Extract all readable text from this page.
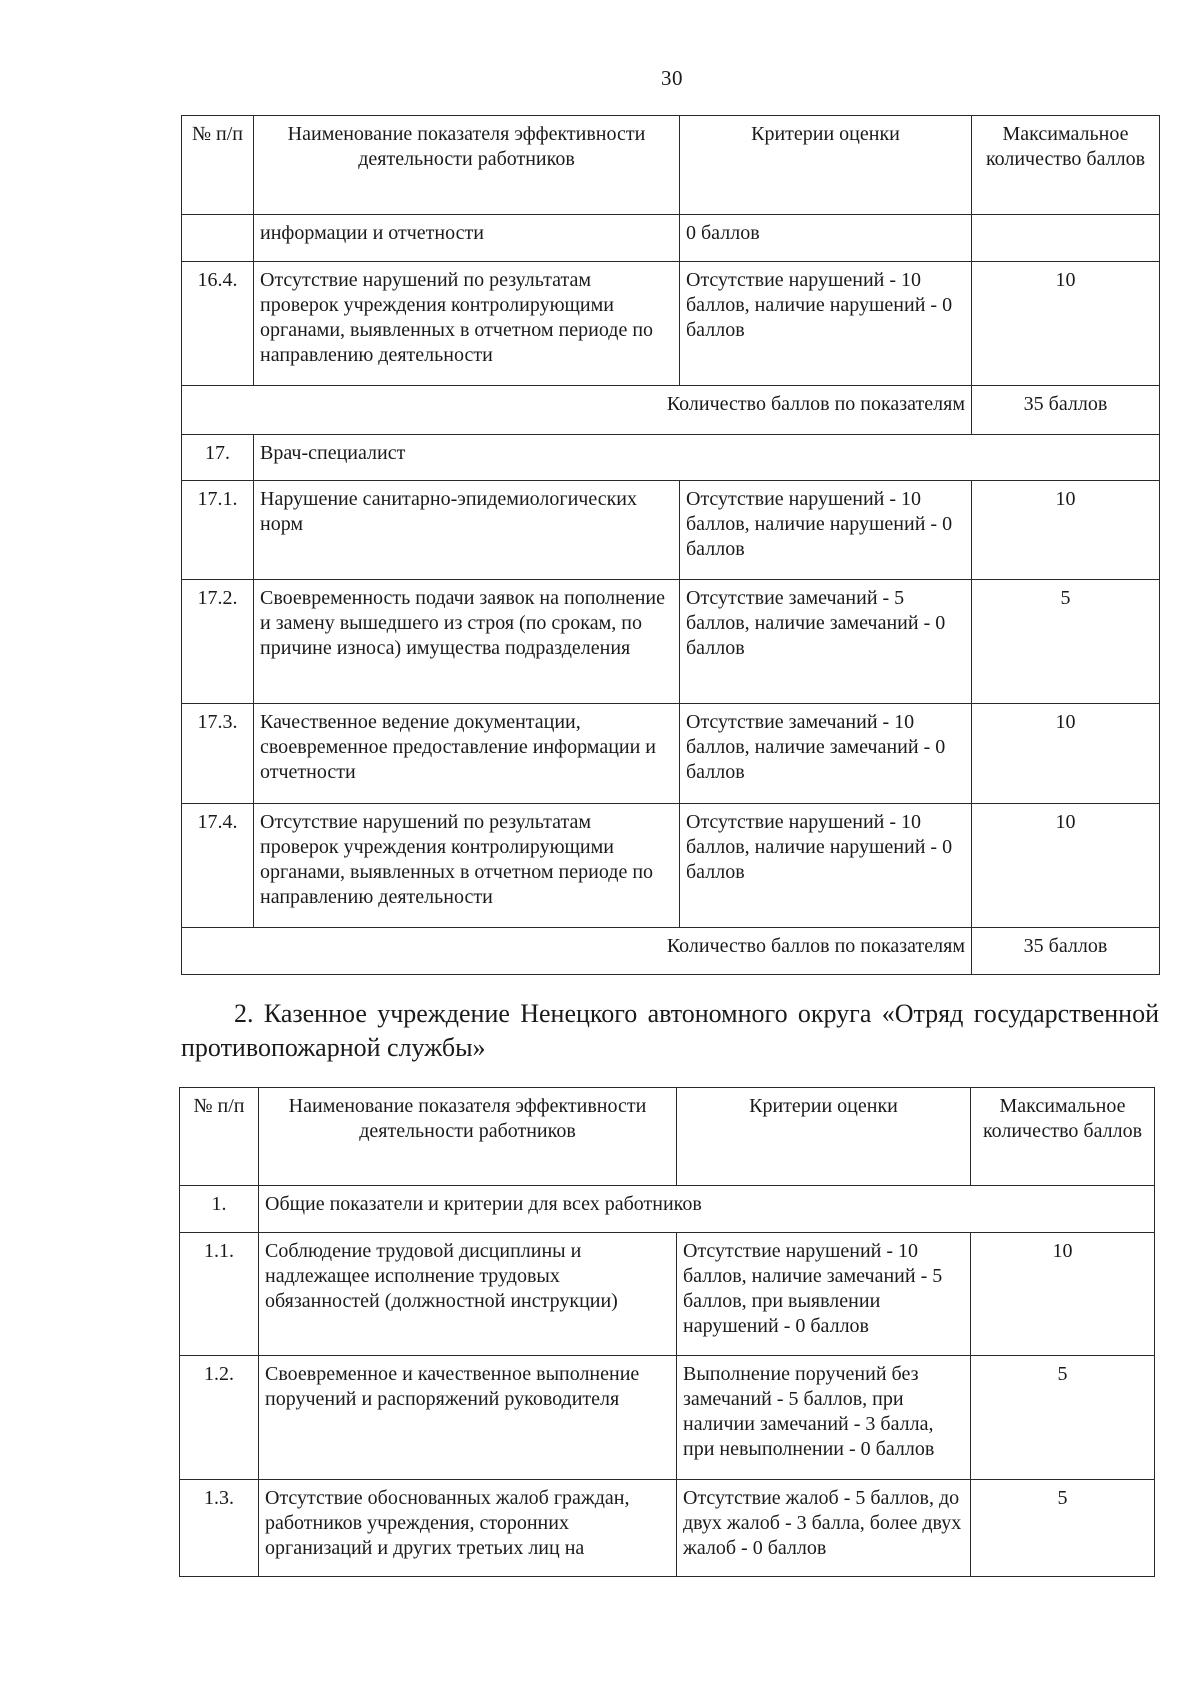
30
№ п/п	Наименование показателя эффективности деятельности работников	Критерии оценки	Максимальное количество баллов
	информации и отчетности	0 баллов	
16.4.	Отсутствие нарушений по результатам проверок учреждения контролирующими органами, выявленных в отчетном периоде по направлению деятельности	Отсутствие нарушений - 10 баллов, наличие нарушений - 0 баллов	10
Количество баллов по показателям			35 баллов
17.	Врач-специалист		
17.1.	Нарушение санитарно-эпидемиологических норм	Отсутствие нарушений - 10 баллов, наличие нарушений - 0 баллов	10
17.2.	Своевременность подачи заявок на пополнение и замену вышедшего из строя (по срокам, по причине износа) имущества подразделения	Отсутствие замечаний - 5 баллов, наличие замечаний - 0 баллов	5
17.3.	Качественное ведение документации, своевременное предоставление информации и отчетности	Отсутствие замечаний - 10 баллов, наличие замечаний - 0 баллов	10
17.4.	Отсутствие нарушений по результатам проверок учреждения контролирующими органами, выявленных в отчетном периоде по направлению деятельности	Отсутствие нарушений - 10 баллов, наличие нарушений - 0 баллов	10
Количество баллов по показателям			35 баллов
2. Казенное учреждение Ненецкого автономного округа «Отряд государственной противопожарной службы»
№ п/п	Наименование показателя эффективности деятельности работников	Критерии оценки	Максимальное количество баллов
1.	Общие показатели и критерии для всех работников		
1.1.	Соблюдение трудовой дисциплины и надлежащее исполнение трудовых обязанностей (должностной инструкции)	Отсутствие нарушений - 10 баллов, наличие замечаний - 5 баллов, при выявлении нарушений - 0 баллов	10
1.2.	Своевременное и качественное выполнение поручений и распоряжений руководителя	Выполнение поручений без замечаний - 5 баллов, при наличии замечаний - 3 балла, при невыполнении - 0 баллов	5
1.3.	Отсутствие обоснованных жалоб граждан, работников учреждения, сторонних организаций и других третьих лиц на	Отсутствие жалоб - 5 баллов, до двух жалоб - 3 балла, более двух жалоб - 0 баллов	5
